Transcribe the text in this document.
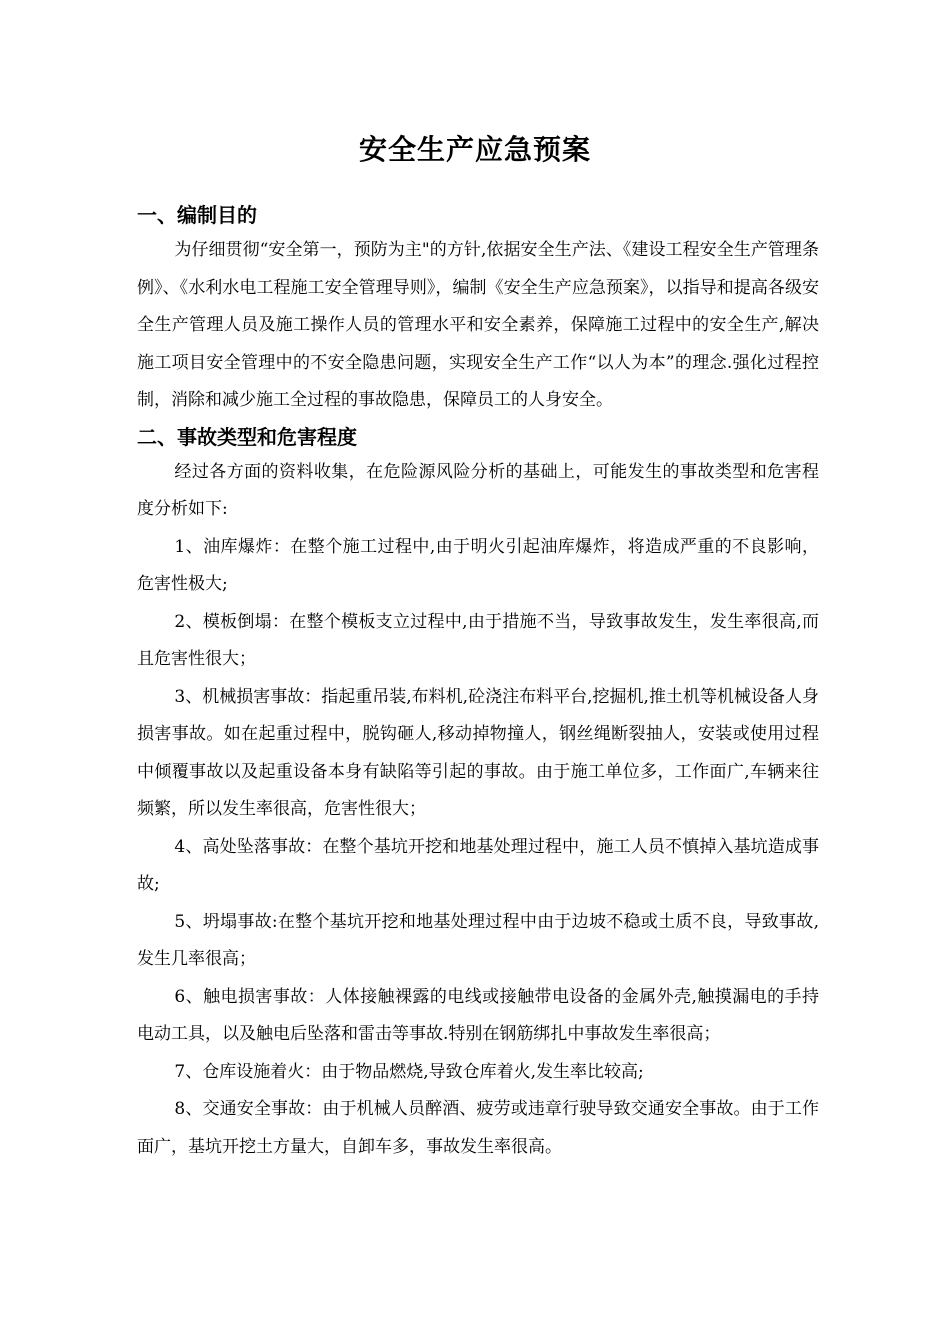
安全生产应急预案
一、编制目的

为仔细贯彻“安全第一，预防为主"的方针,依据安全生产法、《建设工程安全生产管理条例》、《水利水电工程施工安全管理导则》，编制《安全生产应急预案》，以指导和提高各级安全生产管理人员及施工操作人员的管理水平和安全素养，保障施工过程中的安全生产,解决施工项目安全管理中的不安全隐患问题，实现安全生产工作“以人为本”的理念.强化过程控制，消除和减少施工全过程的事故隐患，保障员工的人身安全。

二、事故类型和危害程度

经过各方面的资料收集，在危险源风险分析的基础上，可能发生的事故类型和危害程度分析如下:

1、油库爆炸：在整个施工过程中,由于明火引起油库爆炸，将造成严重的不良影响，危害性极大;

2、模板倒塌：在整个模板支立过程中,由于措施不当，导致事故发生，发生率很高,而且危害性很大；

3、机械损害事故：指起重吊装,布料机,砼浇注布料平台,挖掘机,推土机等机械设备人身损害事故。如在起重过程中，脱钩砸人,移动掉物撞人，钢丝绳断裂抽人，安装或使用过程中倾覆事故以及起重设备本身有缺陷等引起的事故。由于施工单位多，工作面广,车辆来往频繁，所以发生率很高，危害性很大；

4、高处坠落事故：在整个基坑开挖和地基处理过程中，施工人员不慎掉入基坑造成事故;

5、坍塌事故:在整个基坑开挖和地基处理过程中由于边坡不稳或土质不良，导致事故,发生几率很高；

6、触电损害事故：人体接触裸露的电线或接触带电设备的金属外壳,触摸漏电的手持电动工具，以及触电后坠落和雷击等事故.特别在钢筋绑扎中事故发生率很高；

7、仓库设施着火：由于物品燃烧,导致仓库着火,发生率比较高;

8、交通安全事故：由于机械人员醉酒、疲劳或违章行驶导致交通安全事故。由于工作面广，基坑开挖土方量大，自卸车多，事故发生率很高。
